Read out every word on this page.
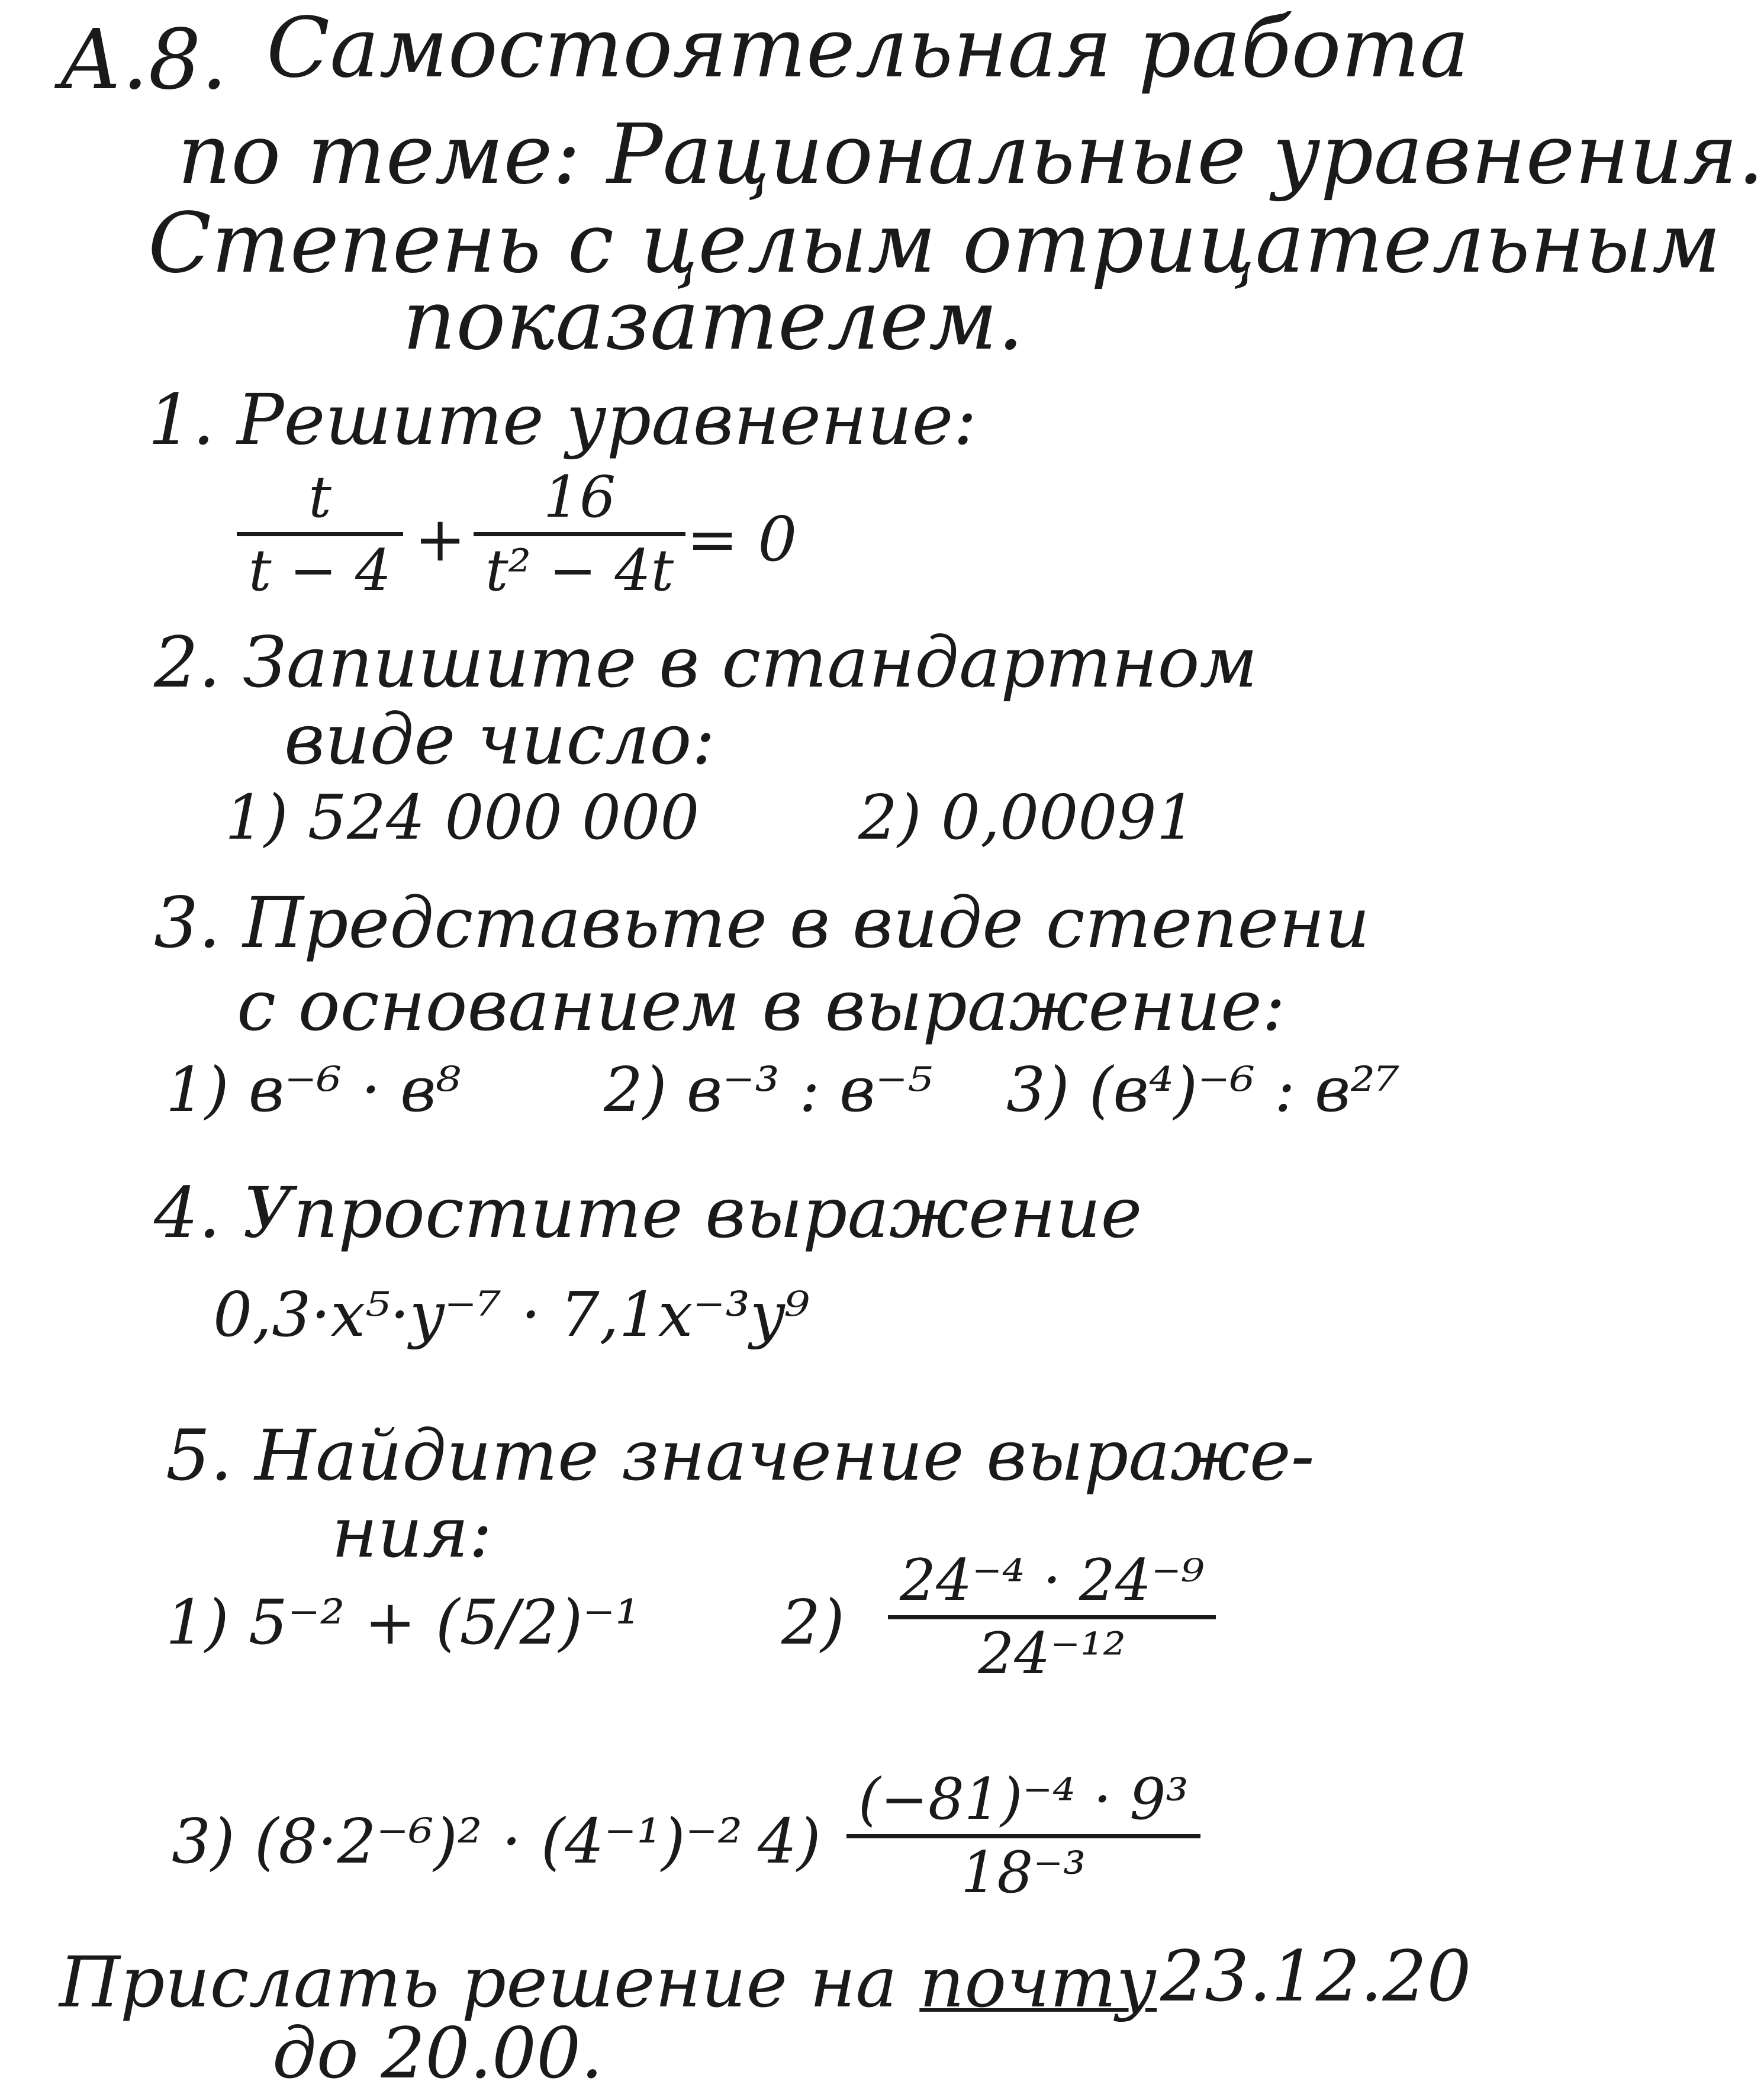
А.8. Самостоятельная работа
по теме: Рациональные уравнения.
Степень с целым отрицательным
показателем.
1. Решите уравнение:
t
t − 4 +
16
t² − 4t = 0
2. Запишите в стандартном
виде число:
1) 524 000 000	2) 0,00091
3. Представьте в виде степени
с основанием в выражение:
1) в⁻⁶ · в⁸ 2) в⁻³ : в⁻⁵ 3) (в⁴)⁻⁶ : в²⁷
4. Упростите выражение
0,3·x⁵·y⁻⁷ · 7,1x⁻³y⁹
5. Найдите значение выраже-
ния:
1) 5⁻² + (5/2)⁻¹ 2)
24⁻⁴ · 24⁻⁹
24⁻¹²
3) (8·2⁻⁶)² · (4⁻¹)⁻² 4)
(−81)⁻⁴ · 9³
18⁻³
Прислать решение на почту 23.12.20
до 20.00.
